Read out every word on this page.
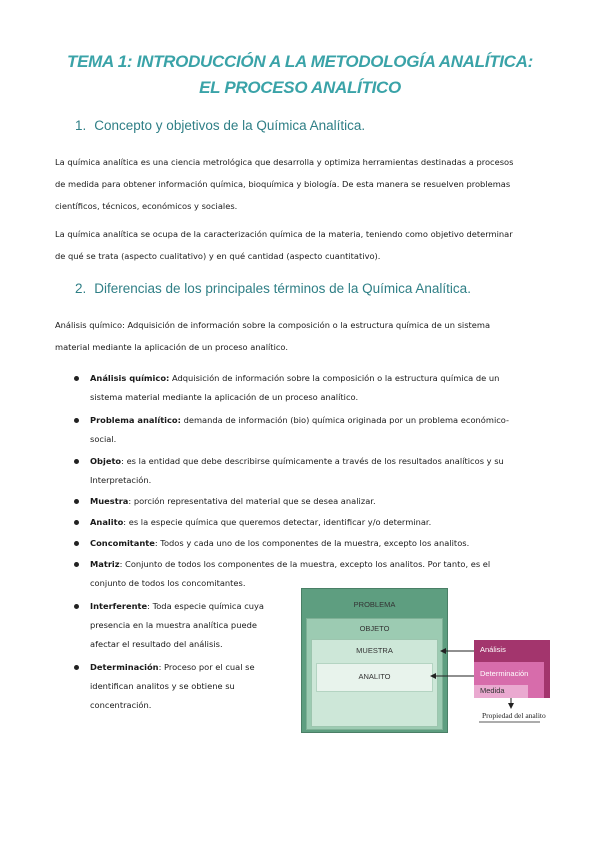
TEMA 1: INTRODUCCIÓN A LA METODOLOGÍA ANALÍTICA:
EL PROCESO ANALÍTICO
1. Concepto y objetivos de la Química Analítica.
La química analítica es una ciencia metrológica que desarrolla y optimiza herramientas destinadas a procesos
de medida para obtener información química, bioquímica y biología. De esta manera se resuelven problemas
científicos, técnicos, económicos y sociales.
La química analítica se ocupa de la caracterización química de la materia, teniendo como objetivo determinar
de qué se trata (aspecto cualitativo) y en qué cantidad (aspecto cuantitativo).
2. Diferencias de los principales términos de la Química Analítica.
Análisis químico: Adquisición de información sobre la composición o la estructura química de un sistema
material mediante la aplicación de un proceso analítico.
Análisis químico: Adquisición de información sobre la composición o la estructura química de un
sistema material mediante la aplicación de un proceso analítico.
Problema analítico: demanda de información (bio) química originada por un problema económico-
social.
Objeto: es la entidad que debe describirse químicamente a través de los resultados analíticos y su
Interpretación.
Muestra: porción representativa del material que se desea analizar.
Analito: es la especie química que queremos detectar, identificar y/o determinar.
Concomitante: Todos y cada uno de los componentes de la muestra, excepto los analitos.
Matriz: Conjunto de todos los componentes de la muestra, excepto los analitos. Por tanto, es el
conjunto de todos los concomitantes.
Interferente: Toda especie química cuya
presencia en la muestra analítica puede
afectar el resultado del análisis.
Determinación: Proceso por el cual se
identifican analitos y se obtiene su
concentración.
PROBLEMA
OBJETO
MUESTRA
ANALITO
Análisis
Determinación
Medida
Propiedad del analito
